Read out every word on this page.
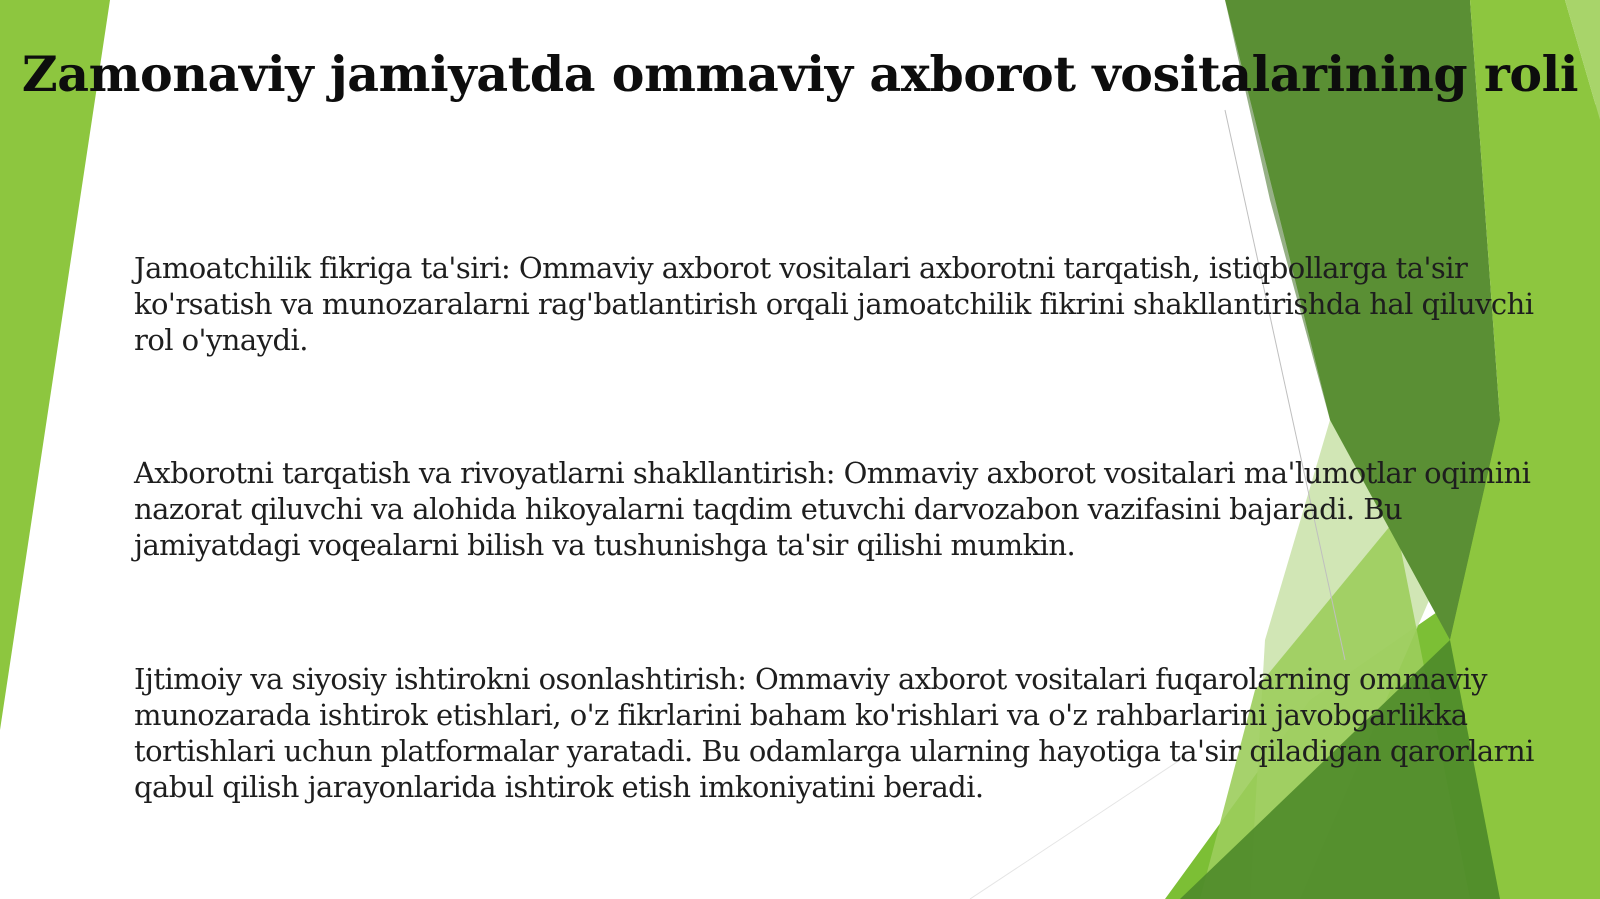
Zamonaviy jamiyatda ommaviy axborot vositalarining roli

Jamoatchilik fikriga ta'siri: Ommaviy axborot vositalari axborotni tarqatish, istiqbollarga ta'sir ko'rsatish va munozaralarni rag'batlantirish orqali jamoatchilik fikrini shakllantirishda hal qiluvchi rol o'ynaydi.

Axborotni tarqatish va rivoyatlarni shakllantirish: Ommaviy axborot vositalari ma'lumotlar oqimini nazorat qiluvchi va alohida hikoyalarni taqdim etuvchi darvozabon vazifasini bajaradi. Bu jamiyatdagi voqealarni bilish va tushunishga ta'sir qilishi mumkin.

Ijtimoiy va siyosiy ishtirokni osonlashtirish: Ommaviy axborot vositalari fuqarolarning ommaviy munozarada ishtirok etishlari, o'z fikrlarini baham ko'rishlari va o'z rahbarlarini javobgarlikka tortishlari uchun platformalar yaratadi. Bu odamlarga ularning hayotiga ta'sir qiladigan qarorlarni qabul qilish jarayonlarida ishtirok etish imkoniyatini beradi.
